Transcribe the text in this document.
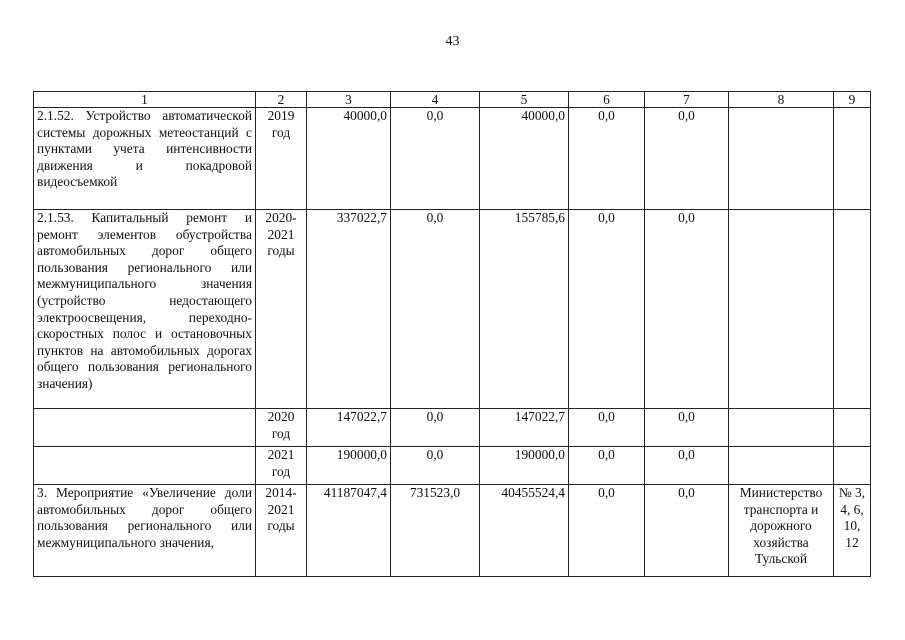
43
1	2	3	4	5	6	7	8	9
2.1.52. Устройство автоматической системы дорожных метеостанций с пунктами учета интенсивности движения и покадровой видеосъемкой	2019 год	40000,0	0,0	40000,0	0,0	0,0		
2.1.53. Капитальный ремонт и ремонт элементов обустройства автомобильных дорог общего пользования регионального или межмуниципального значения (устройство недостающего электроосвещения, переходно-скоростных полос и остановочных пунктов на автомобильных дорогах общего пользования регионального значения)	2020-2021 годы	337022,7	0,0	155785,6	0,0	0,0		
	2020 год	147022,7	0,0	147022,7	0,0	0,0		
	2021 год	190000,0	0,0	190000,0	0,0	0,0		
3. Мероприятие «Увеличение доли автомобильных дорог общего пользования регионального или межмуниципального значения,	2014-2021 годы	41187047,4	731523,0	40455524,4	0,0	0,0	Министерство транспорта и дорожного хозяйства Тульской	№ 3, 4, 6, 10, 12
